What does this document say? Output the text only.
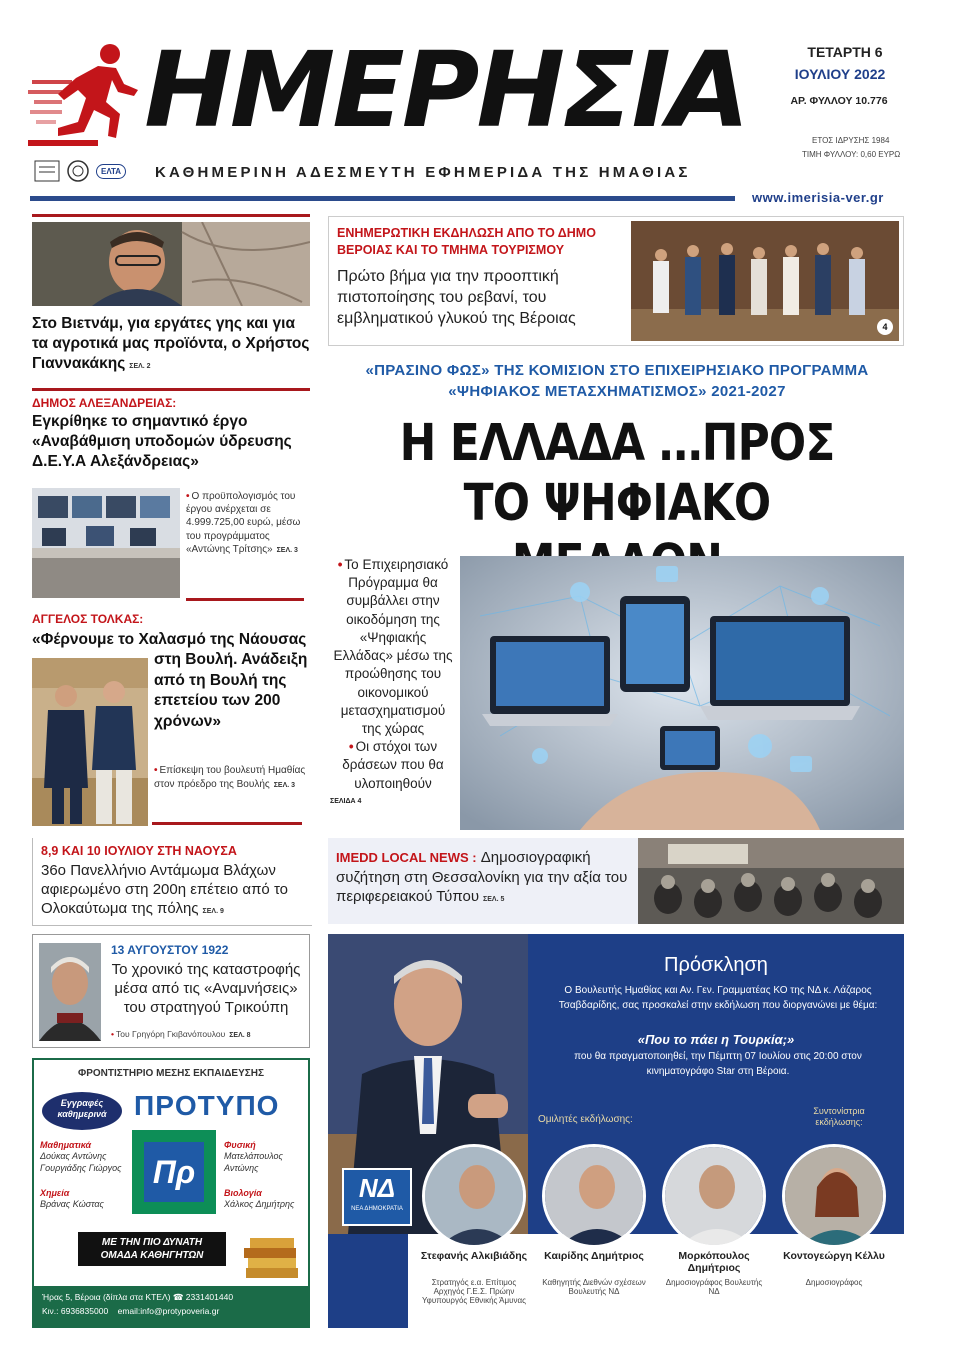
ΗΜΕΡΗΣΙΑ
ΕΛΤΑ	ΚΑΘΗΜΕΡΙΝΗ ΑΔΕΣΜΕΥΤΗ ΕΦΗΜΕΡΙΔΑ ΤΗΣ ΗΜΑΘΙΑΣ
ΤΕΤΑΡΤΗ 6
ΙΟΥΛΙΟΥ 2022
ΑΡ. ΦΥΛΛΟΥ 10.776
ΕΤΟΣ ΙΔΡΥΣΗΣ 1984
ΤΙΜΗ ΦΥΛΛΟΥ: 0,60 ΕΥΡΩ
www.imerisia-ver.gr
Στο Βιετνάμ, για εργάτες γης και για τα αγροτικά μας προϊόντα, ο Χρήστος Γιαννακάκης ΣΕΛ. 2
ΔΗΜΟΣ ΑΛΕΞΑΝΔΡΕΙΑΣ:
Εγκρίθηκε το σημαντικό έργο «Αναβάθμιση υποδομών ύδρευσης Δ.Ε.Υ.Α Αλεξάνδρειας»
• Ο προϋπολογισμός του έργου ανέρχεται σε 4.999.725,00 ευρώ, μέσω του προγράμματος «Αντώνης Τρίτσης» ΣΕΛ. 3
ΑΓΓΕΛΟΣ ΤΟΛΚΑΣ:
«Φέρνουμε το Χαλασμό της Νάουσας στη Βουλή. Ανάδειξη από τη Βουλή της επετείου των 200 χρόνων»
• Επίσκεψη του βουλευτή Ημαθίας στον πρόεδρο της Βουλής ΣΕΛ. 3
8,9 ΚΑΙ 10 ΙΟΥΛΙΟΥ ΣΤΗ ΝΑΟΥΣΑ
36ο Πανελλήνιο Αντάμωμα Βλάχων αφιερωμένο στη 200η επέτειο από το Ολοκαύτωμα της πόλης ΣΕΛ. 9
13 ΑΥΓΟΥΣΤΟΥ 1922
Το χρονικό της καταστροφής μέσα από τις «Αναμνήσεις» του στρατηγού Τρικούπη
• Του Γρηγόρη Γκιβανόπουλου ΣΕΛ. 8
ΦΡΟΝΤΙΣΤΗΡΙΟ ΜΕΣΗΣ ΕΚΠΑΙΔΕΥΣΗΣ
Εγγραφές καθημερινά ΠΡΟΤΥΠΟ
Πρ
Μαθηματικά
Δούκας Αντώνης
Γουργιάδης Γιώργος
Χημεία
Βράνας Κώστας
Φυσική
Ματελάπουλος Αντώνης
Βιολογία
Χάλκος Δημήτρης
ΜΕ ΤΗΝ ΠΙΟ ΔΥΝΑΤΗ ΟΜΑΔΑ ΚΑΘΗΓΗΤΩΝ
Ήρας 5, Βέροια (δίπλα στα ΚΤΕΛ) ☎ 2331401440
Κιν.: 6936835000 email:info@protypoveria.gr
ΕΝΗΜΕΡΩΤΙΚΗ ΕΚΔΗΛΩΣΗ ΑΠΟ ΤΟ ΔΗΜΟ ΒΕΡΟΙΑΣ ΚΑΙ ΤΟ ΤΜΗΜΑ ΤΟΥΡΙΣΜΟΥ
Πρώτο βήμα για την προοπτική πιστοποίησης του ρεβανί, του εμβληματικού γλυκού της Βέροιας
4
«ΠΡΑΣΙΝΟ ΦΩΣ» ΤΗΣ ΚΟΜΙΣΙΟΝ ΣΤΟ ΕΠΙΧΕΙΡΗΣΙΑΚΟ ΠΡΟΓΡΑΜΜΑ «ΨΗΦΙΑΚΟΣ ΜΕΤΑΣΧΗΜΑΤΙΣΜΟΣ» 2021-2027
Η ΕΛΛΑΔΑ …ΠΡΟΣ ΤΟ ΨΗΦΙΑΚΟ
• Το Επιχειρησιακό Πρόγραμμα θα συμβάλλει στην οικοδόμηση της «Ψηφιακής Ελλάδας» μέσω της προώθησης του οικονομικού μετασχηματισμού της χώρας
• Οι στόχοι των δράσεων που θα υλοποιηθούν
ΣΕΛΙΔΑ 4
IMEDD LOCAL NEWS : Δημοσιογραφική συζήτηση στη Θεσσαλονίκη για την αξία του περιφερειακού Τύπου ΣΕΛ. 5
ΝΔ
ΝΕΑ ΔΗΜΟΚΡΑΤΙΑ
Πρόσκληση
Ο Βουλευτής Ημαθίας και Αν. Γεν. Γραμματέας ΚΟ της ΝΔ κ. Λάζαρος Τσαβδαρίδης, σας προσκαλεί στην εκδήλωση που διοργανώνει με θέμα:
«Που το πάει η Τουρκία;»
που θα πραγματοποιηθεί, την Πέμπτη 07 Ιουλίου στις 20:00 στον κινηματογράφο Star στη Βέροια.
Ομιλητές εκδήλωσης:
Συντονίστρια εκδήλωσης:
Στεφανής Αλκιβιάδης
Στρατηγός ε.α. Επίτιμος Αρχηγός Γ.Ε.Σ. Πρώην Υφυπουργός Εθνικής Άμυνας
Καιρίδης Δημήτριος
Καθηγητής Διεθνών σχέσεων Βουλευτής ΝΔ
Μορκόπουλος Δημήτριος
Δημοσιογράφος Βουλευτής ΝΔ
Κοντογεώργη Κέλλυ
Δημοσιογράφος
